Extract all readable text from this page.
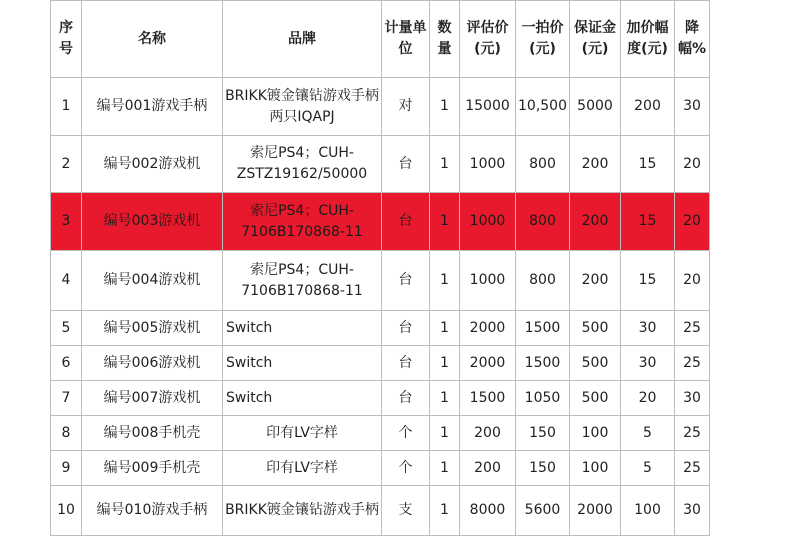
序号	名称	品牌	计量单位	数量	评估价(元)	一拍价(元)	保证金(元)	加价幅度(元)	降幅%
1	编号001游戏手柄	BRIKK镀金镶钻游戏手柄两只IQAPJ	对	1	15000	10,500	5000	200	30
2	编号002游戏机	索尼PS4；CUH-ZSTZ19162/50000	台	1	1000	800	200	15	20
3	编号003游戏机	索尼PS4；CUH-7106B170868-11	台	1	1000	800	200	15	20
4	编号004游戏机	索尼PS4；CUH-7106B170868-11	台	1	1000	800	200	15	20
5	编号005游戏机	Switch	台	1	2000	1500	500	30	25
6	编号006游戏机	Switch	台	1	2000	1500	500	30	25
7	编号007游戏机	Switch	台	1	1500	1050	500	20	30
8	编号008手机壳	印有LV字样	个	1	200	150	100	5	25
9	编号009手机壳	印有LV字样	个	1	200	150	100	5	25
10	编号010游戏手柄	BRIKK镀金镶钻游戏手柄	支	1	8000	5600	2000	100	30
